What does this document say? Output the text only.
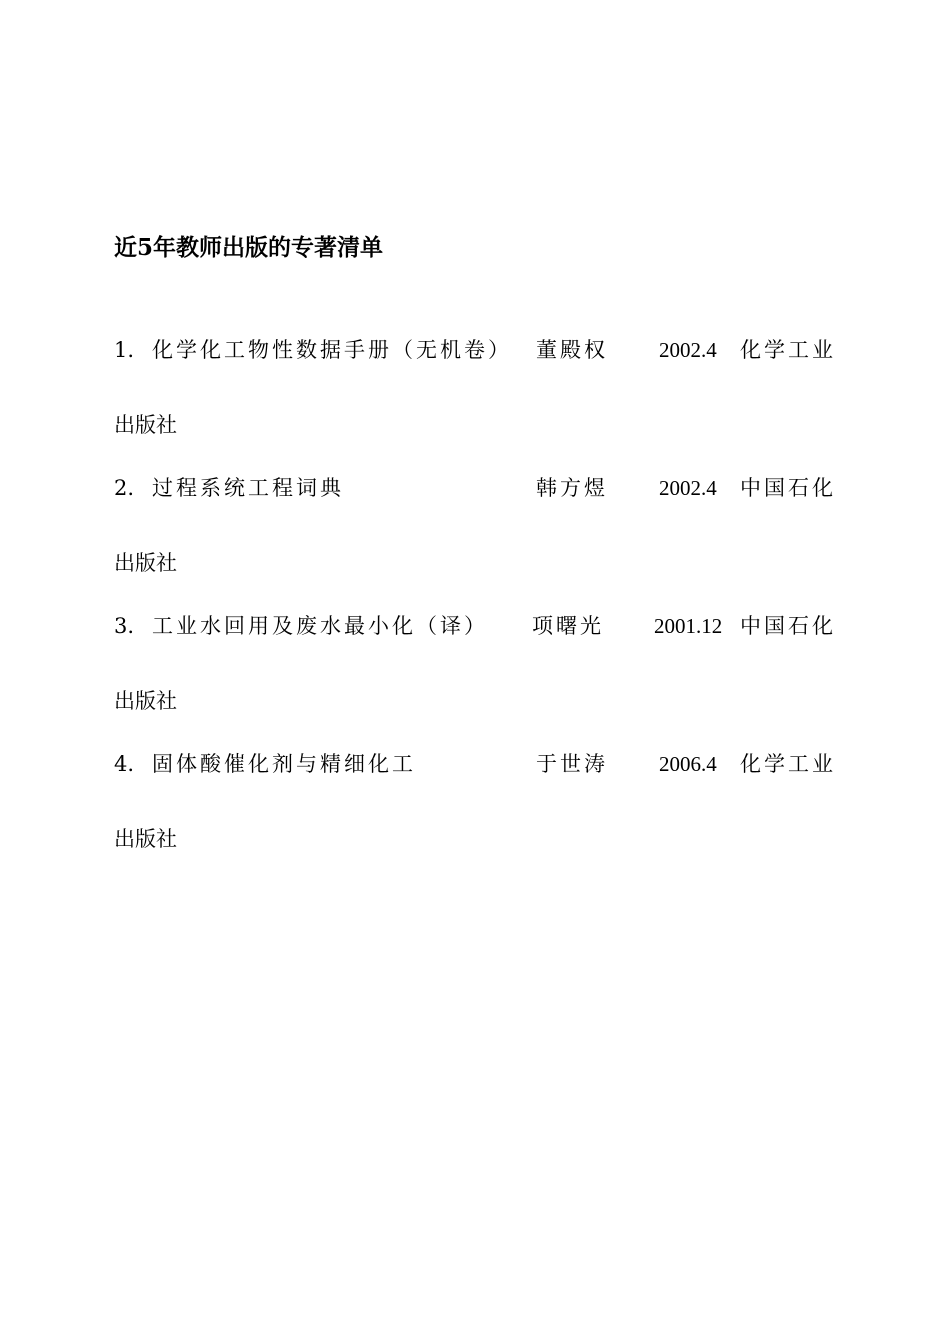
近5年教师出版的专著清单
1. 化学化工物性数据手册（无机卷） 董殿权 2002.4 化学工业
出版社
2. 过程系统工程词典	韩方煜 2002.4 中国石化
出版社
3. 工业水回用及废水最小化（译） 项曙光 2001.12 中国石化
出版社
4. 固体酸催化剂与精细化工	于世涛 2006.4 化学工业
出版社
